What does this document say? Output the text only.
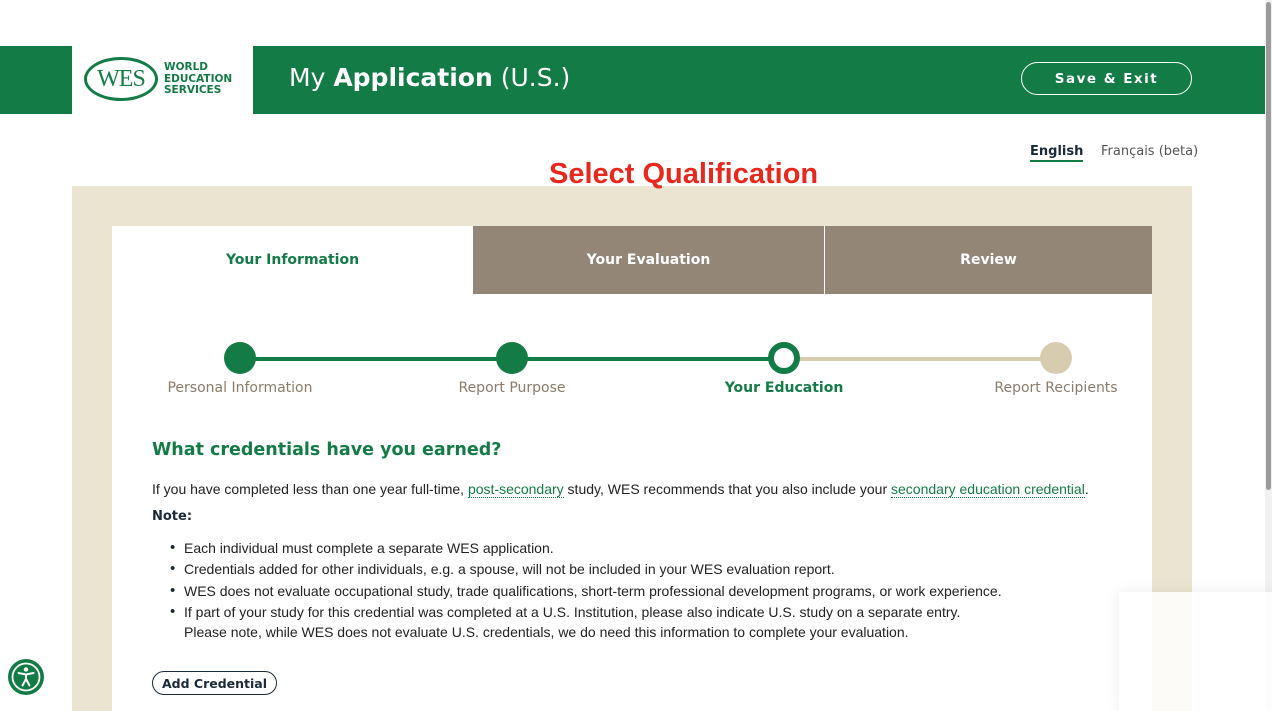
WES	WORLD
EDUCATION
SERVICES	My Application (U.S.)	Save & Exit
English Français (beta)
Select Qualification
Your Information	Your Evaluation	Review
Personal Information	Report Purpose	Your Education	Report Recipients
What credentials have you earned?
If you have completed less than one year full-time, post-secondary study, WES recommends that you also include your secondary education credential.
Note:
• Each individual must complete a separate WES application.
• Credentials added for other individuals, e.g. a spouse, will not be included in your WES evaluation report.
• WES does not evaluate occupational study, trade qualifications, short-term professional development programs, or work experience.
• If part of your study for this credential was completed at a U.S. Institution, please also indicate U.S. study on a separate entry.
Please note, while WES does not evaluate U.S. credentials, we do need this information to complete your evaluation.
Add Credential
